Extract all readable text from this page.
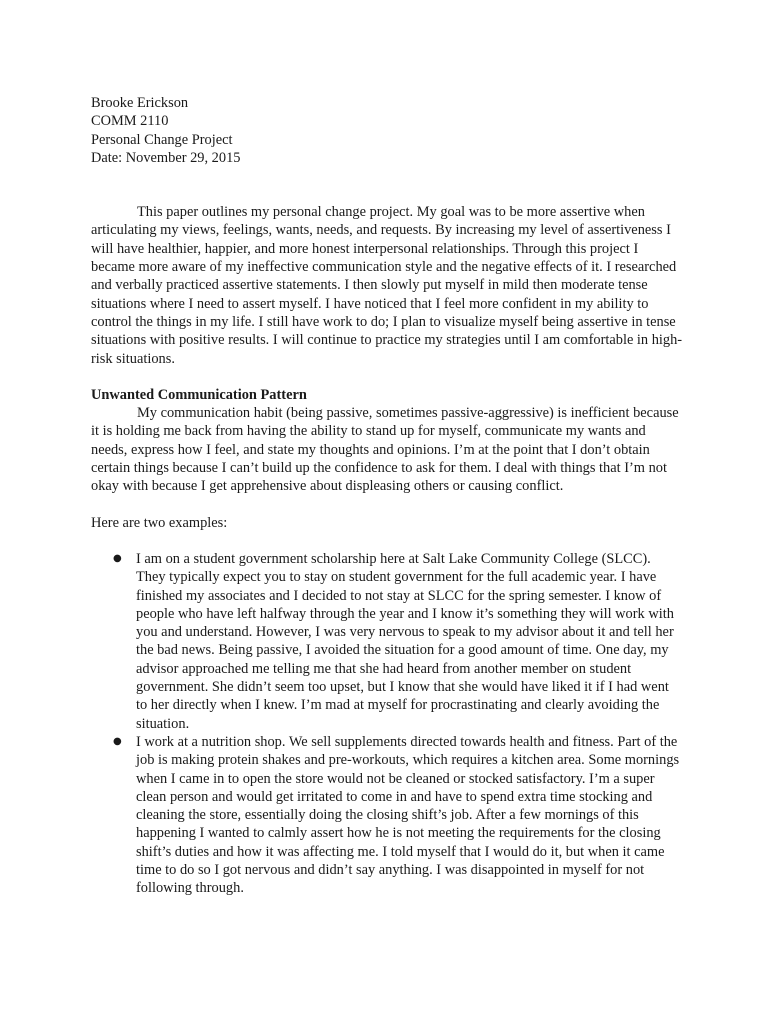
Brooke Erickson
COMM 2110
Personal Change Project
Date: November 29, 2015

This paper outlines my personal change project. My goal was to be more assertive when articulating my views, feelings, wants, needs, and requests. By increasing my level of assertiveness I will have healthier, happier, and more honest interpersonal relationships. Through this project I became more aware of my ineffective communication style and the negative effects of it. I researched and verbally practiced assertive statements. I then slowly put myself in mild then moderate tense situations where I need to assert myself. I have noticed that I feel more confident in my ability to control the things in my life. I still have work to do; I plan to visualize myself being assertive in tense situations with positive results. I will continue to practice my strategies until I am comfortable in high-risk situations.

Unwanted Communication Pattern

My communication habit (being passive, sometimes passive-aggressive) is inefficient because it is holding me back from having the ability to stand up for myself, communicate my wants and needs, express how I feel, and state my thoughts and opinions. I’m at the point that I don’t obtain certain things because I can’t build up the confidence to ask for them. I deal with things that I’m not okay with because I get apprehensive about displeasing others or causing conflict.

Here are two examples:
● I am on a student government scholarship here at Salt Lake Community College (SLCC). They typically expect you to stay on student government for the full academic year. I have finished my associates and I decided to not stay at SLCC for the spring semester. I know of people who have left halfway through the year and I know it’s something they will work with you and understand. However, I was very nervous to speak to my advisor about it and tell her the bad news. Being passive, I avoided the situation for a good amount of time. One day, my advisor approached me telling me that she had heard from another member on student government. She didn’t seem too upset, but I know that she would have liked it if I had went to her directly when I knew. I’m mad at myself for procrastinating and clearly avoiding the situation.
● I work at a nutrition shop. We sell supplements directed towards health and fitness. Part of the job is making protein shakes and pre-workouts, which requires a kitchen area. Some mornings when I came in to open the store would not be cleaned or stocked satisfactory. I’m a super clean person and would get irritated to come in and have to spend extra time stocking and cleaning the store, essentially doing the closing shift’s job. After a few mornings of this happening I wanted to calmly assert how he is not meeting the requirements for the closing shift’s duties and how it was affecting me. I told myself that I would do it, but when it came time to do so I got nervous and didn’t say anything. I was disappointed in myself for not following through.
